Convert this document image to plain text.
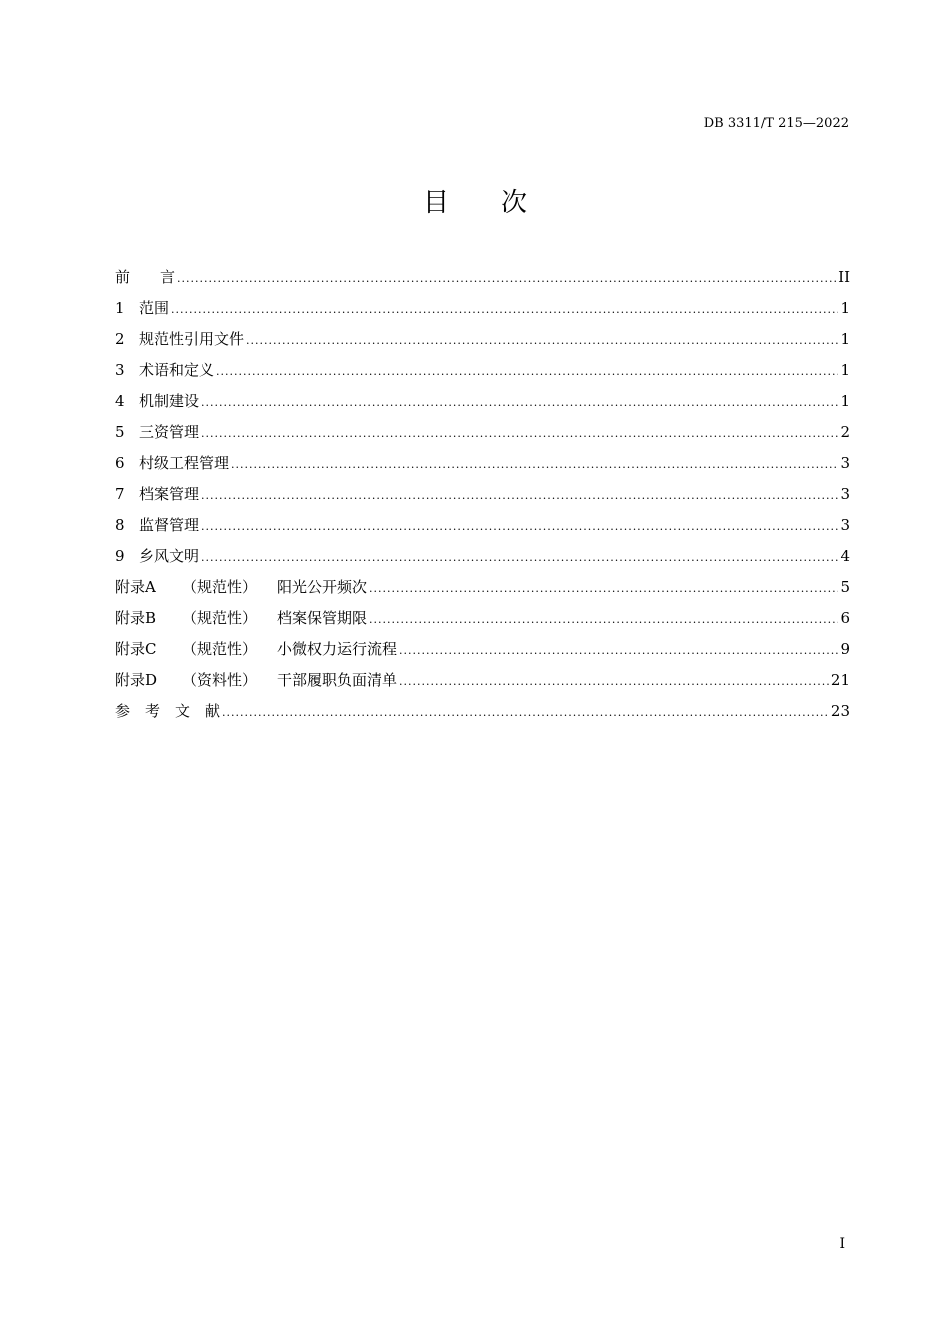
DB 3311/T 215—2022
目　　次
前　　言 .....	II
1 范围 .....	1
2 规范性引用文件 .....	1
3 术语和定义 .....	1
4 机制建设 .....	1
5 三资管理 .....	2
6 村级工程管理 .....	3
7 档案管理 .....	3
8 监督管理 .....	3
9 乡风文明 .....	4
附录A	（规范性）	阳光公开频次 .....	5
附录B	（规范性）	档案保管期限 .....	6
附录C	（规范性）	小微权力运行流程 .....	9
附录D	（资料性）	干部履职负面清单 .....	21
参　考　文　献 .....	23
I
